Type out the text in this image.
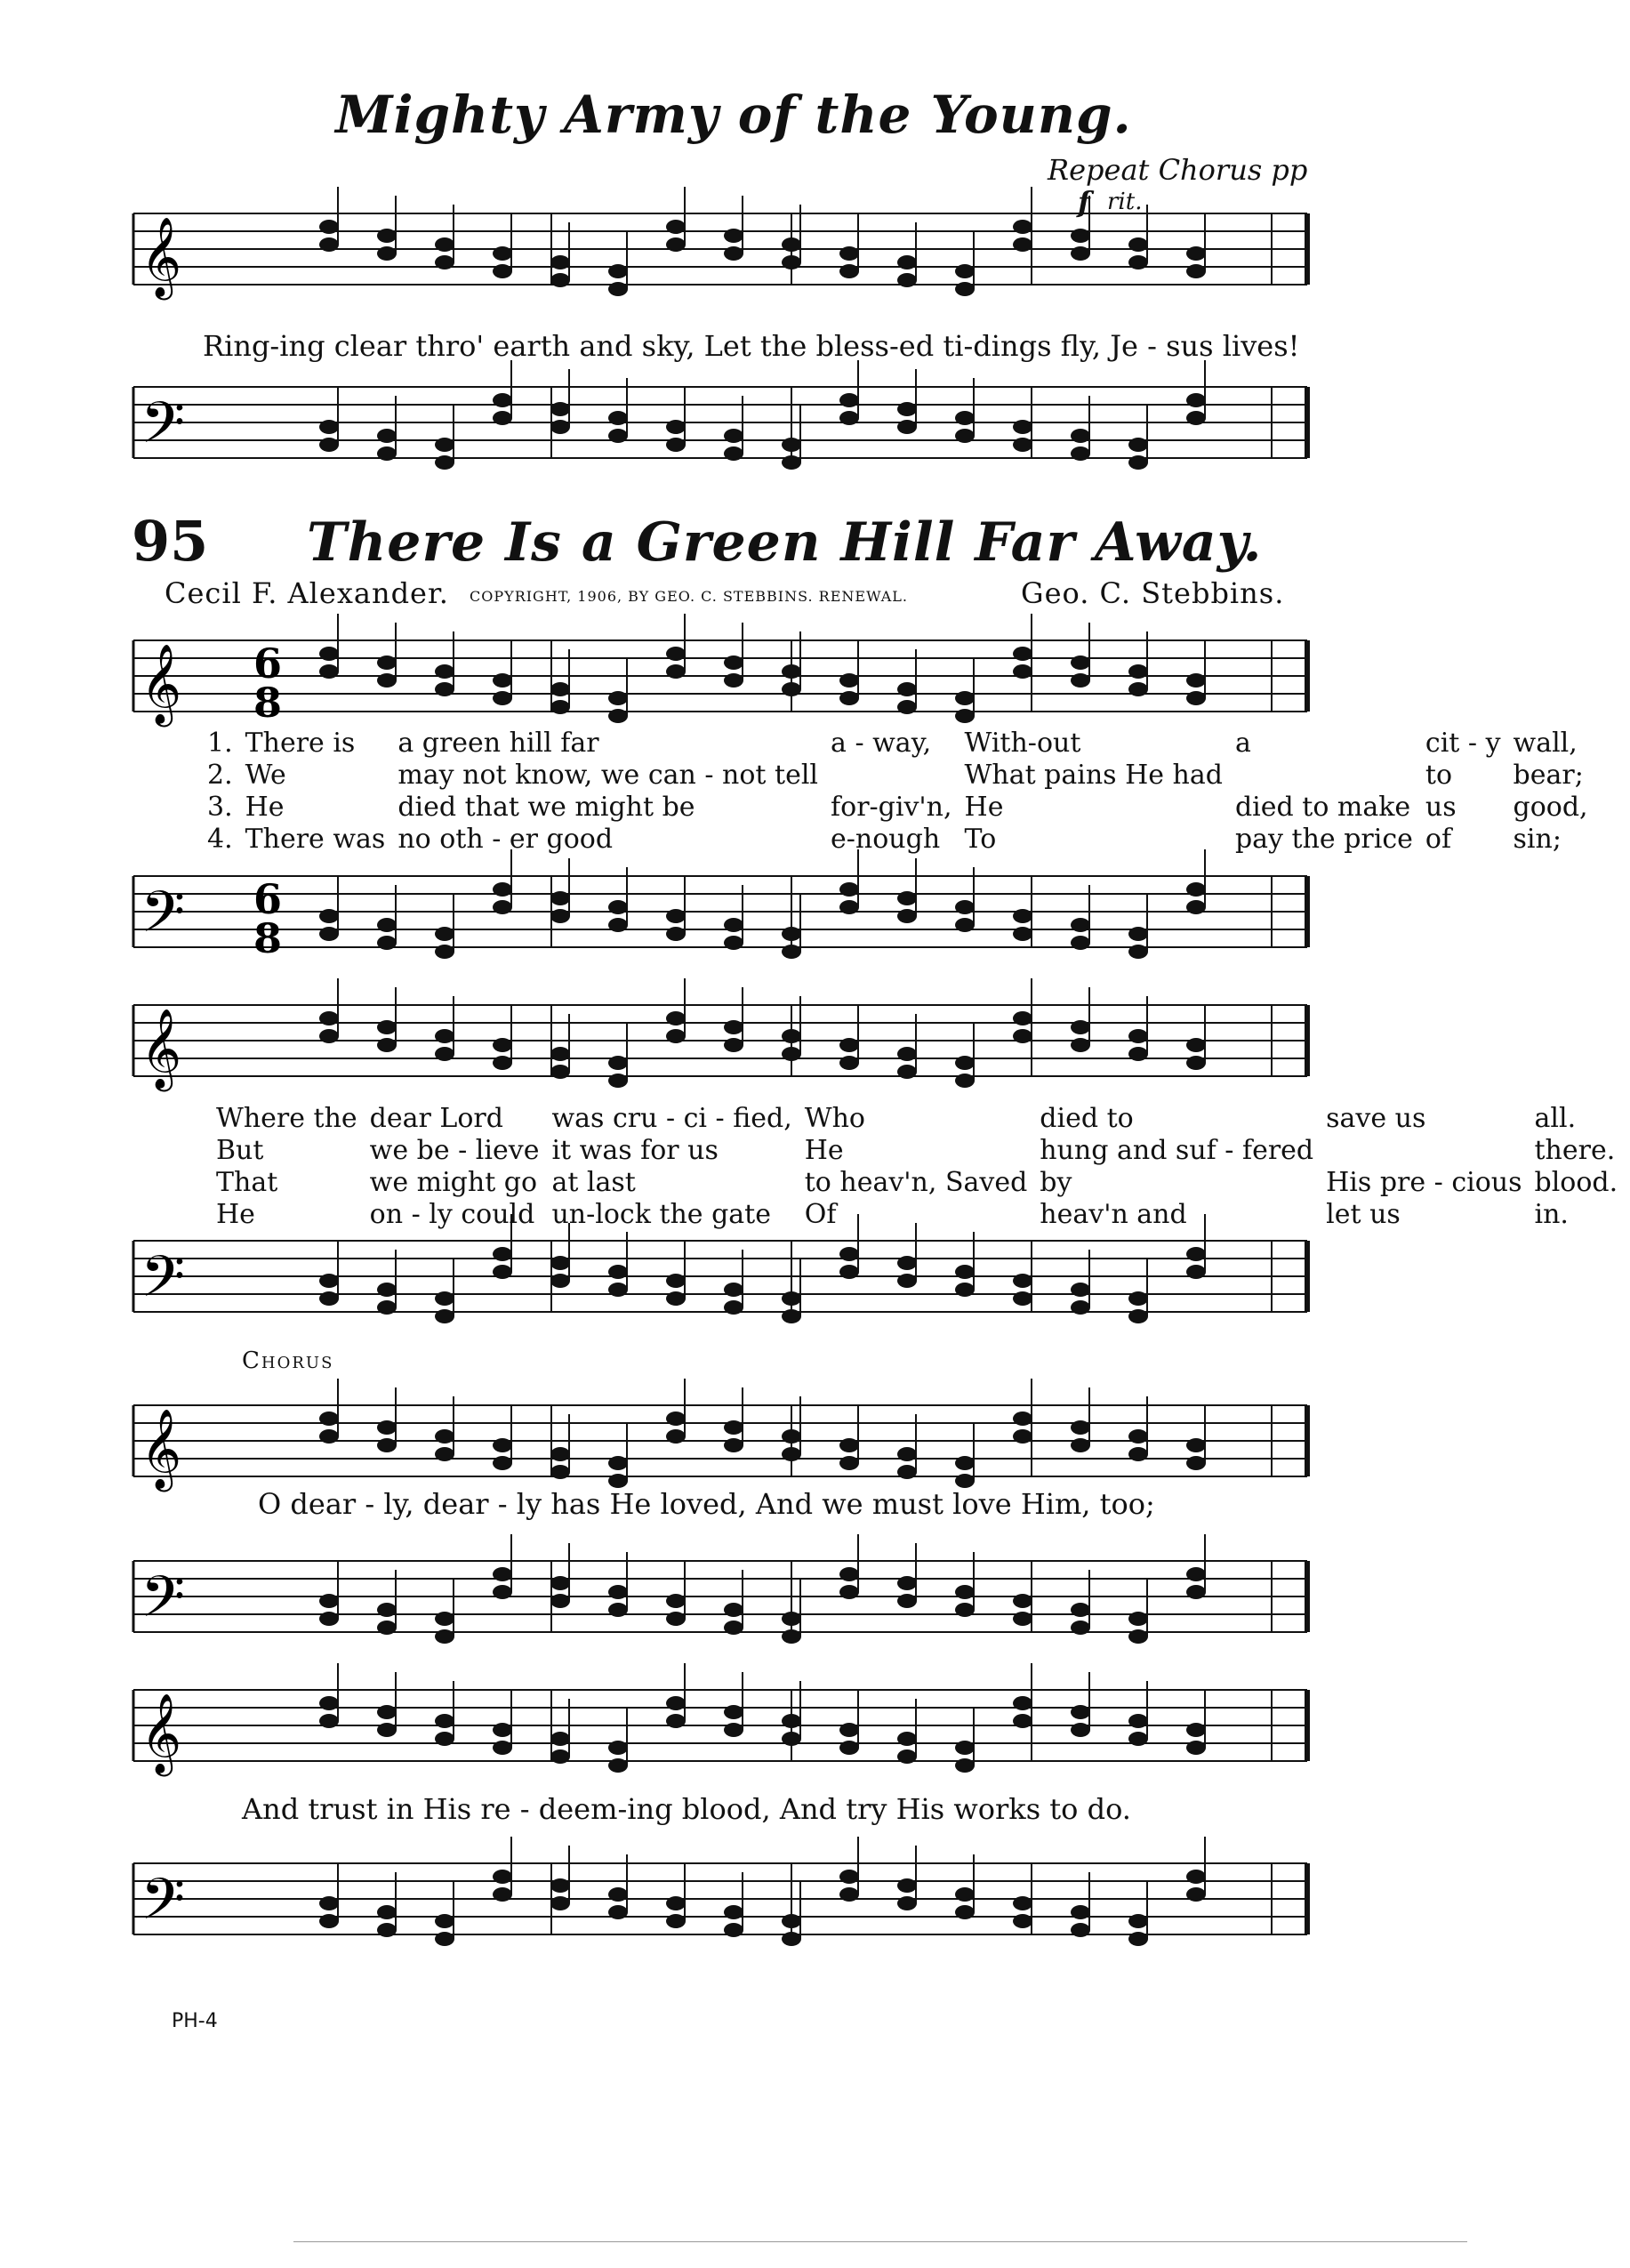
Mighty Army of the Young.
Repeat Chorus pp
f rit.
𝄞
Ring-ing clear thro' earth and sky, Let the bless-ed ti-dings fly, Je - sus lives!
𝄢
95 There Is a Green Hill Far Away.
Cecil F. Alexander. COPYRIGHT, 1906, BY GEO. C. STEBBINS. RENEWAL.	Geo. C. Stebbins.
6
8
𝄞
1.	There is	a green hill far	a - way,	With-out	a	cit - y	wall,
2.	We	may not know, we can - not tell		What pains He had		to	bear;
3.	He	died that we might be	for-giv'n,	He	died to make	us	good,
4.	There was	no oth - er good	e-nough	To	pay the price	of	sin;
6
8
𝄢
𝄞
Where the	dear Lord	was cru - ci - fied,	Who	died to	save us	all.
But	we be - lieve	it was for us	He	hung and suf - fered		there.
That	we might go	at last	to heav'n, Saved	by	His pre - cious	blood.
He	on - ly could	un-lock the gate	Of	heav'n and	let us	in.
𝄢
Chorus
𝄞
O dear - ly, dear - ly has He loved, And we must love Him, too;
𝄢
𝄞
And trust in His re - deem-ing blood, And try His works to do.
𝄢
PH-4
